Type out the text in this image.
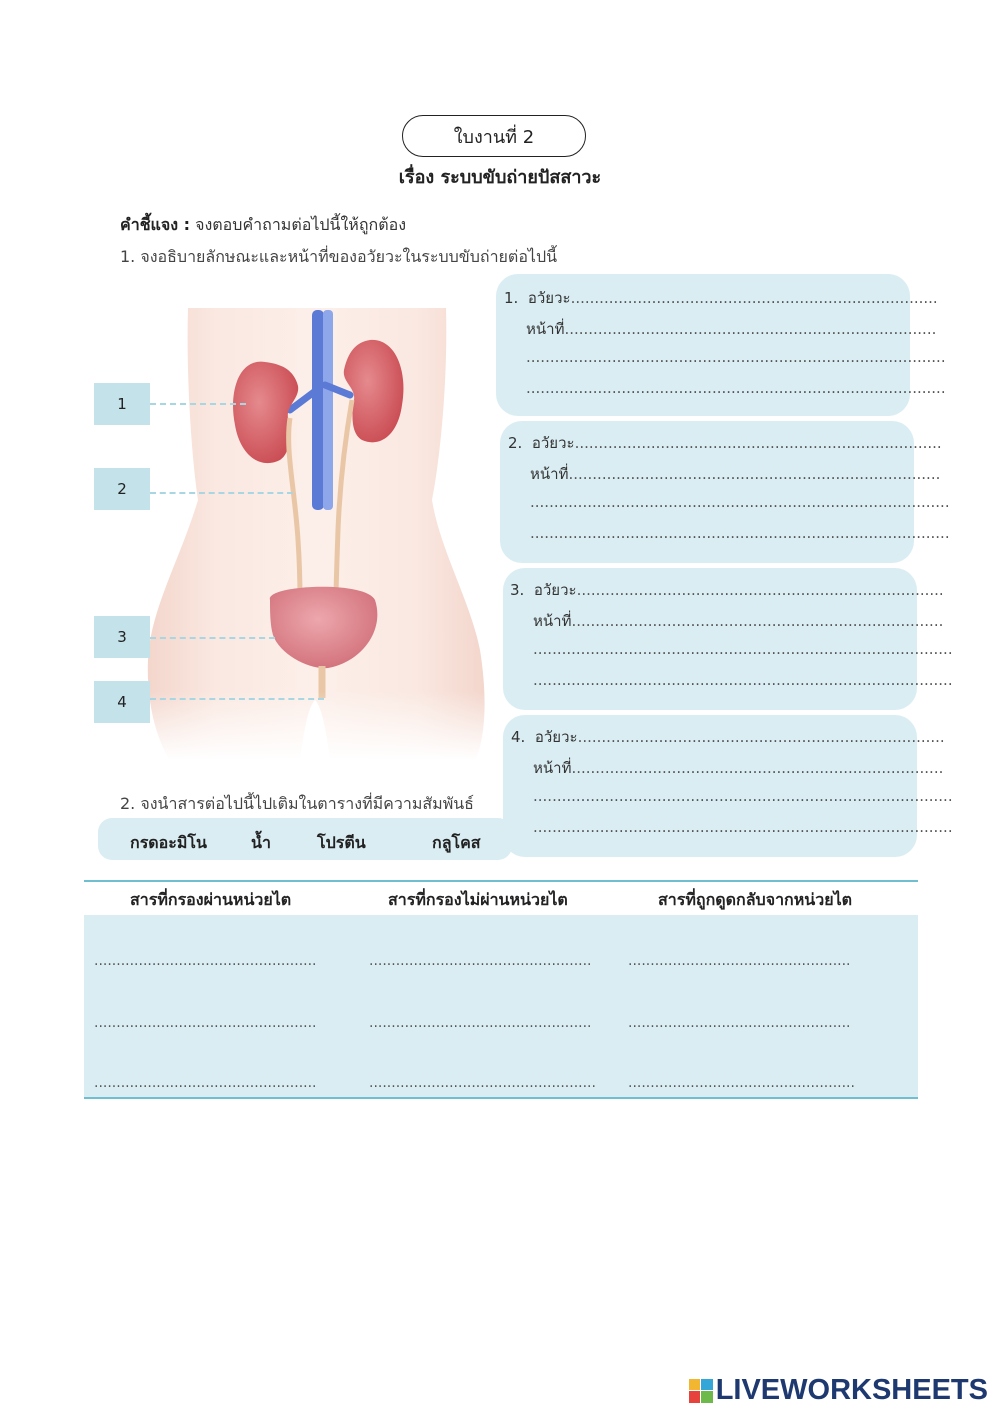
ใบงานที่ 2
เรื่อง ระบบขับถ่ายปัสสาวะ
คำชี้แจง : จงตอบคำถามต่อไปนี้ให้ถูกต้อง
1. จงอธิบายลักษณะและหน้าที่ของอวัยวะในระบบขับถ่ายต่อไปนี้
1
2
3
4
1. อวัยวะ.............................................................................
หน้าที่..............................................................................
........................................................................................
........................................................................................
2. อวัยวะ.............................................................................
หน้าที่..............................................................................
........................................................................................
........................................................................................
3. อวัยวะ.............................................................................
หน้าที่..............................................................................
........................................................................................
........................................................................................
4. อวัยวะ.............................................................................
หน้าที่..............................................................................
........................................................................................
........................................................................................
2. จงนำสารต่อไปนี้ไปเติมในตารางที่มีความสัมพันธ์
กรดอะมิโน	น้ำ	โปรตีน	กลูโคส
สารที่กรองผ่านหน่วยไต	สารที่กรองไม่ผ่านหน่วยไต	สารที่ถูกดูดกลับจากหน่วยไต
..................................................	..................................................	..................................................
..................................................	..................................................	..................................................
..................................................	................................................... ...................................................
LIVEWORKSHEETS
